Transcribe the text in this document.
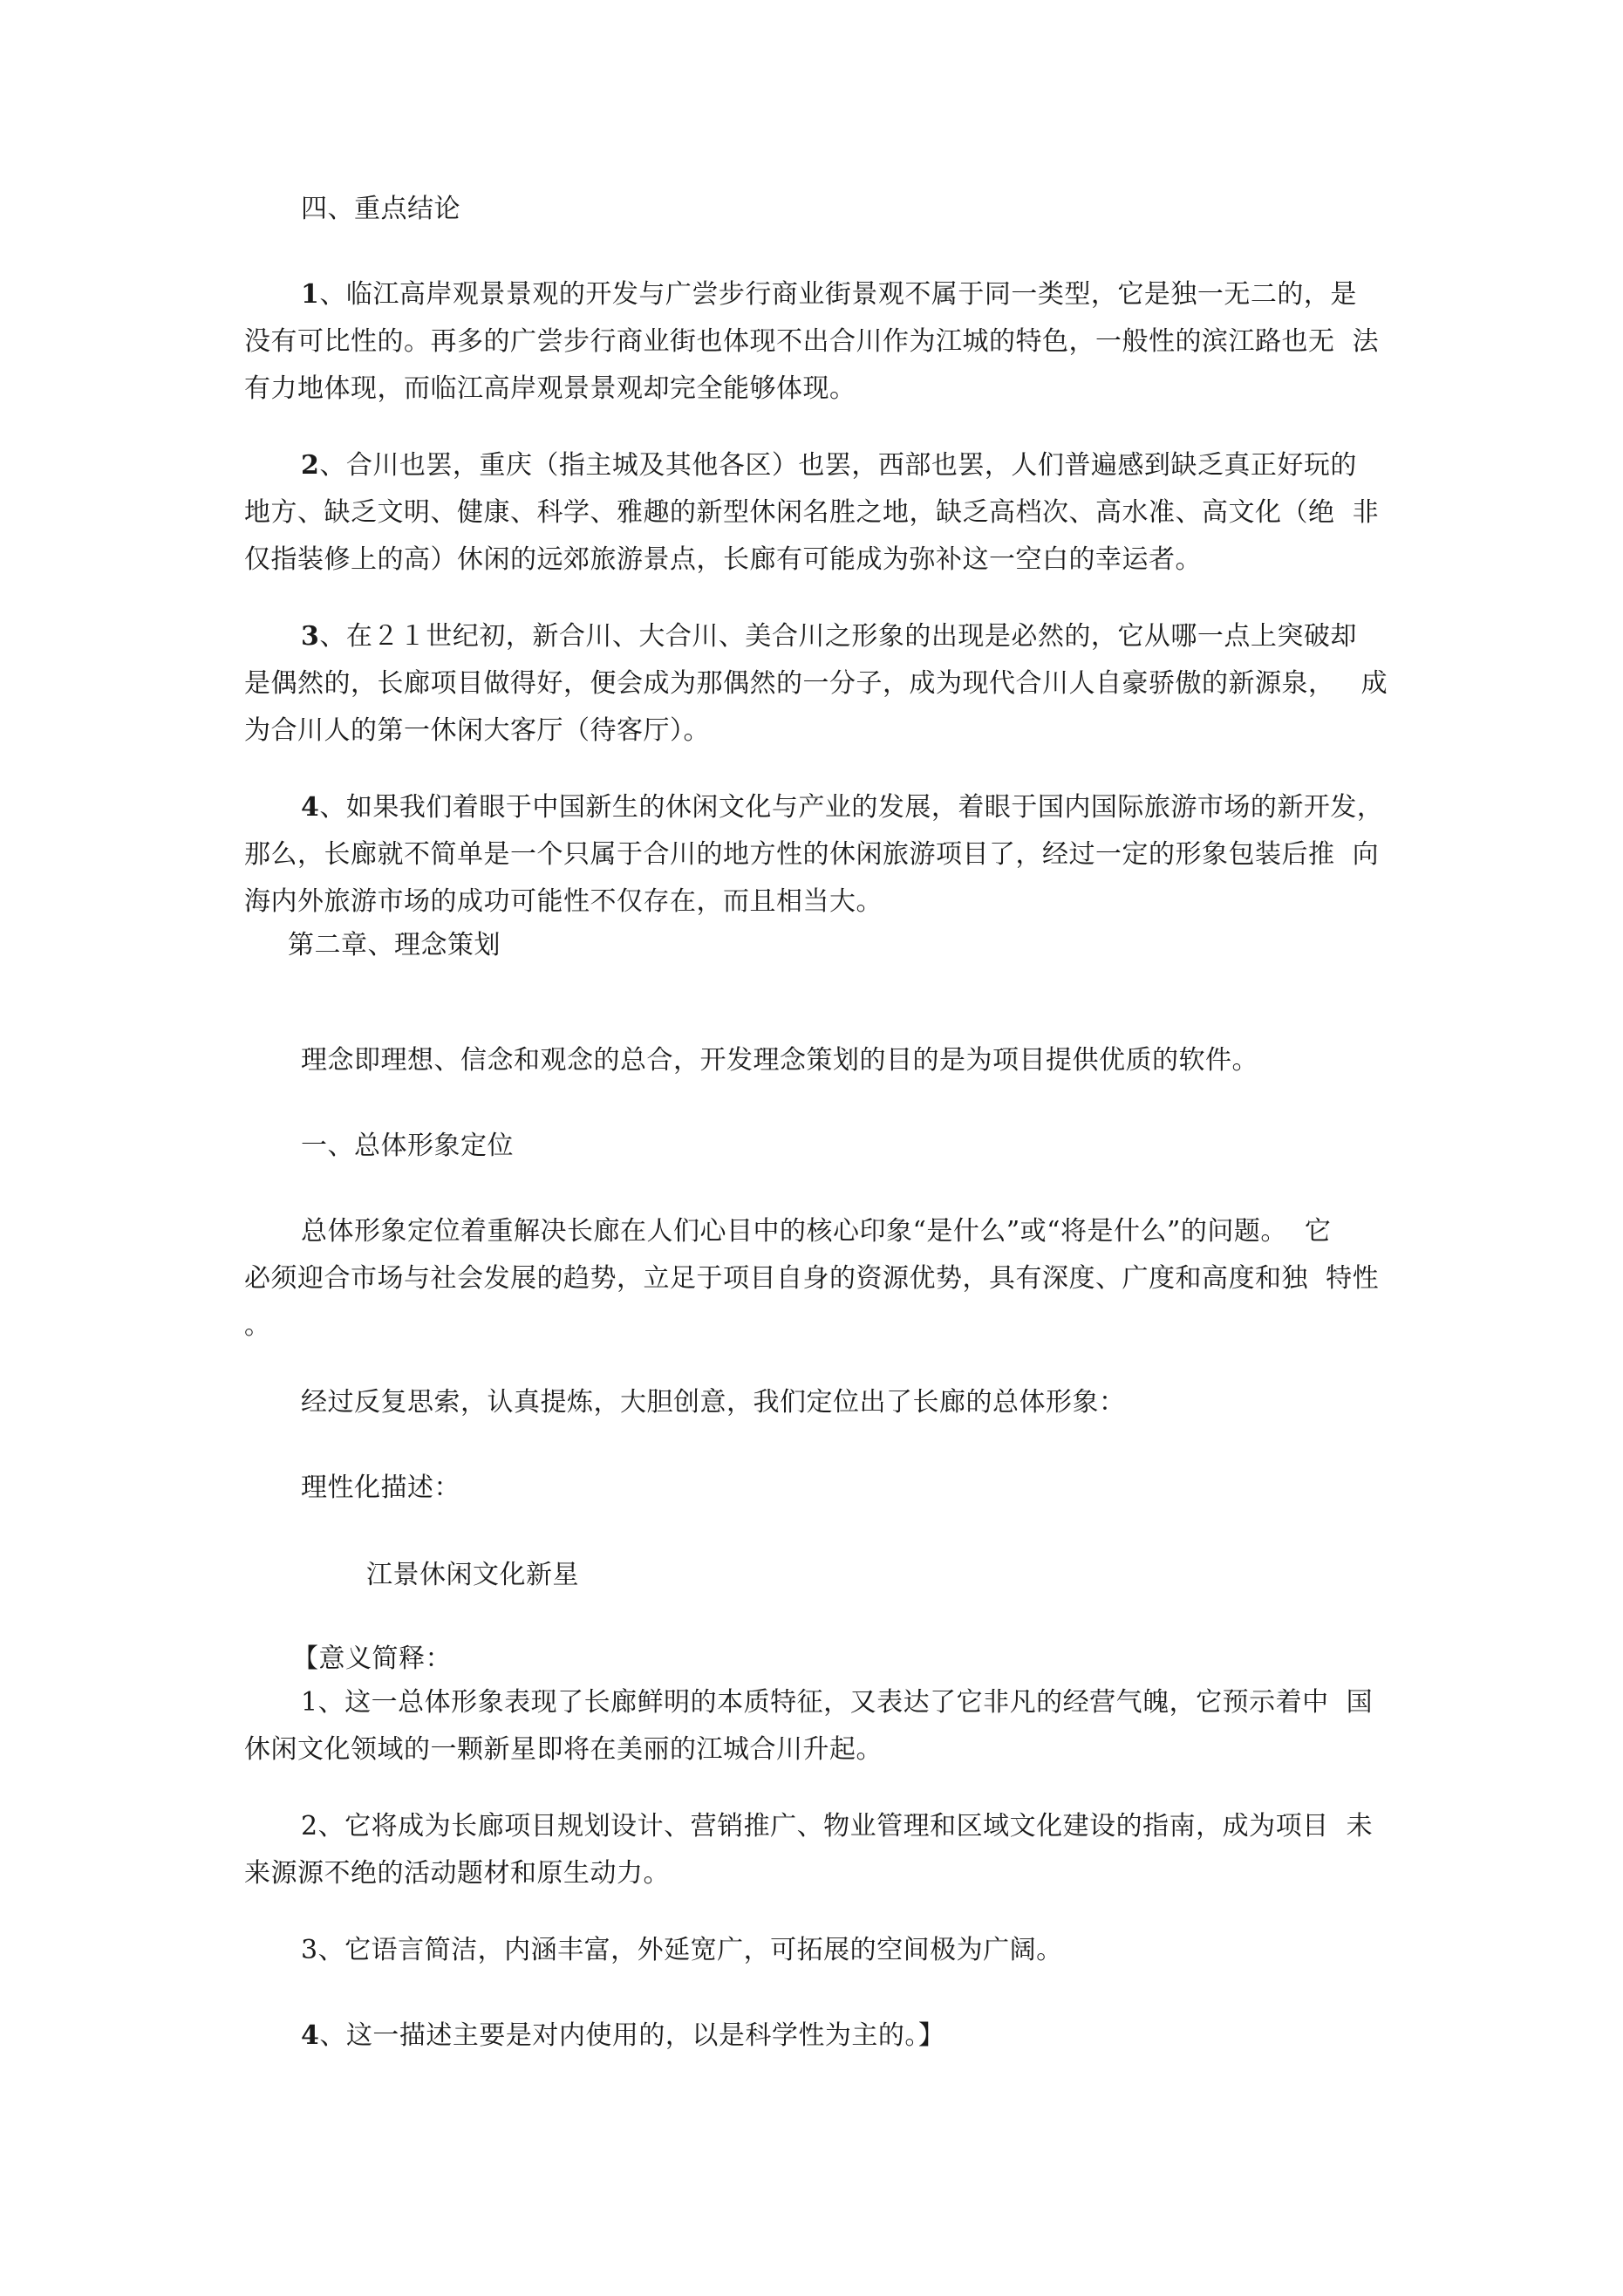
四、重点结论
1、临江高岸观景景观的开发与广尝步行商业街景观不属于同一类型，它是独一无二的，是
没有可比性的。再多的广尝步行商业街也体现不出合川作为江城的特色，一般性的滨江路也无  法
有力地体现，而临江高岸观景景观却完全能够体现。
2、合川也罢，重庆（指主城及其他各区）也罢，西部也罢，人们普遍感到缺乏真正好玩的
地方、缺乏文明、健康、科学、雅趣的新型休闲名胜之地，缺乏高档次、高水准、高文化（绝  非
仅指装修上的高）休闲的远郊旅游景点，长廊有可能成为弥补这一空白的幸运者。
3、在２１世纪初，新合川、大合川、美合川之形象的出现是必然的，它从哪一点上突破却
是偶然的，长廊项目做得好，便会成为那偶然的一分子，成为现代合川人自豪骄傲的新源泉，   成
为合川人的第一休闲大客厅（待客厅）。
4、如果我们着眼于中国新生的休闲文化与产业的发展，着眼于国内国际旅游市场的新开发，
那么，长廊就不简单是一个只属于合川的地方性的休闲旅游项目了，经过一定的形象包装后推  向
海内外旅游市场的成功可能性不仅存在，而且相当大。
第二章、理念策划
理念即理想、信念和观念的总合，开发理念策划的目的是为项目提供优质的软件。
一、总体形象定位
总体形象定位着重解决长廊在人们心目中的核心印象“是什么”或“将是什么”的问题。  它
必须迎合市场与社会发展的趋势，立足于项目自身的资源优势，具有深度、广度和高度和独  特性
。
经过反复思索，认真提炼，大胆创意，我们定位出了长廊的总体形象：
理性化描述：
江景休闲文化新星
【意义简释：
1、这一总体形象表现了长廊鲜明的本质特征，又表达了它非凡的经营气魄，它预示着中  国
休闲文化领域的一颗新星即将在美丽的江城合川升起。
2、它将成为长廊项目规划设计、营销推广、物业管理和区域文化建设的指南，成为项目  未
来源源不绝的活动题材和原生动力。
3、它语言简洁，内涵丰富，外延宽广，可拓展的空间极为广阔。
4、这一描述主要是对内使用的，以是科学性为主的。】
